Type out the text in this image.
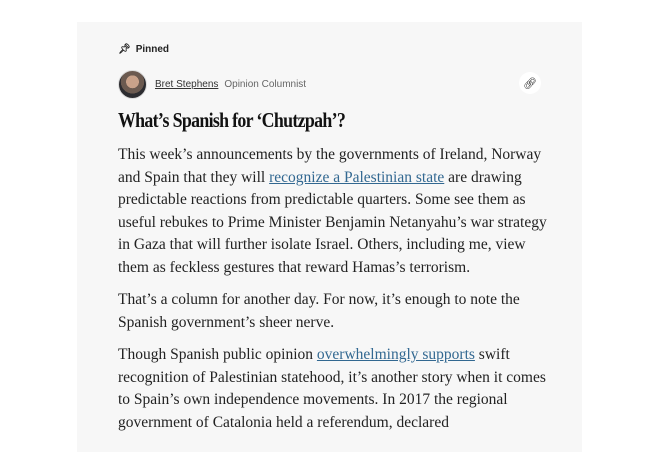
📌︎ Pinned
Bret Stephens Opinion Columnist	🔗︎
What’s Spanish for ‘Chutzpah’?

This week’s announcements by the governments of Ireland, Norway and Spain that they will recognize a Palestinian state are drawing predictable reactions from predictable quarters. Some see them as useful rebukes to Prime Minister Benjamin Netanyahu’s war strategy in Gaza that will further isolate Israel. Others, including me, view them as feckless gestures that reward Hamas’s terrorism.

That’s a column for another day. For now, it’s enough to note the Spanish government’s sheer nerve.

Though Spanish public opinion overwhelmingly supports swift recognition of Palestinian statehood, it’s another story when it comes to Spain’s own independence movements. In 2017 the regional government of Catalonia held a referendum, declared
